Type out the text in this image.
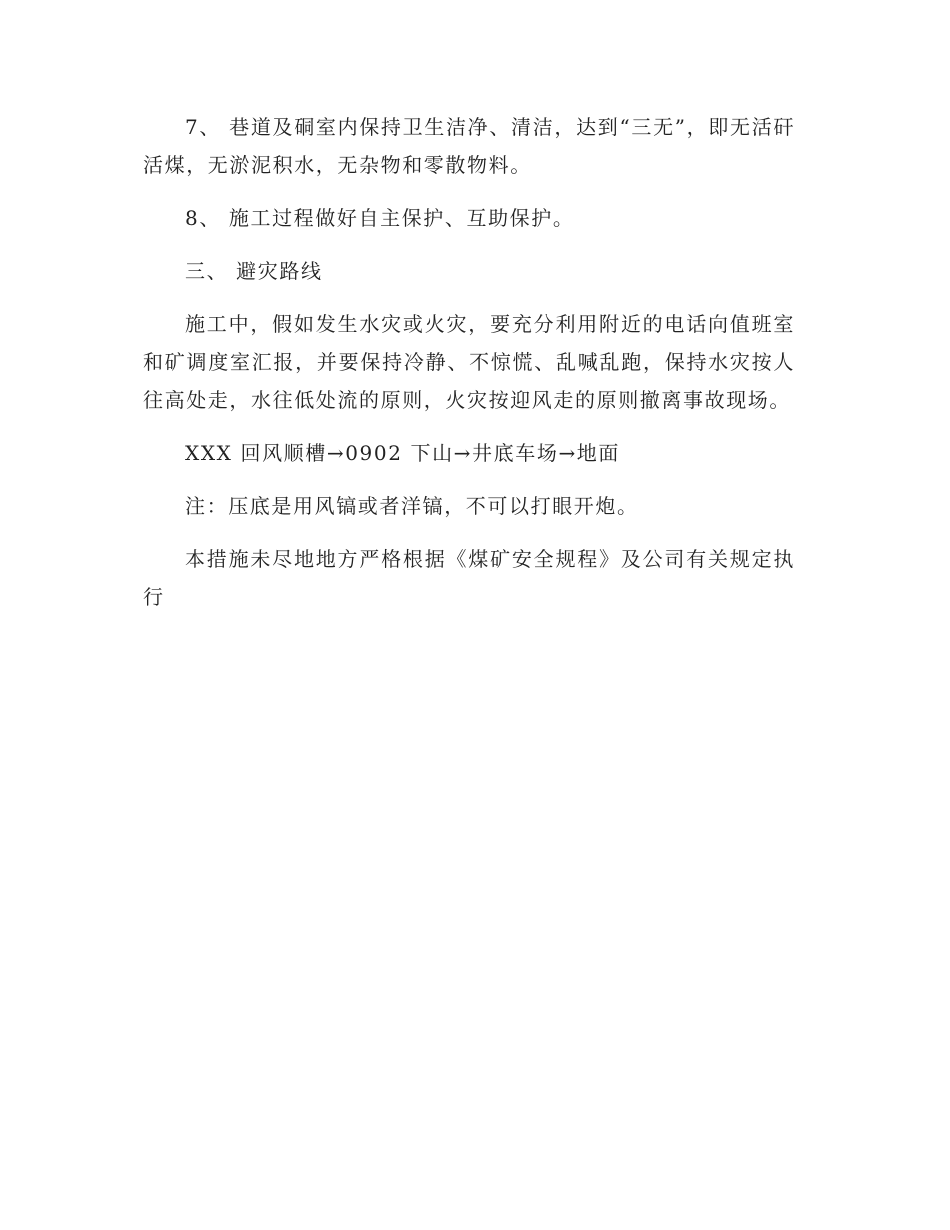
7、 巷道及硐室内保持卫生洁净、清洁，达到“三无”，即无活矸活煤，无淤泥积水，无杂物和零散物料。

8、 施工过程做好自主保护、互助保护。

三、 避灾路线

施工中，假如发生水灾或火灾，要充分利用附近的电话向值班室和矿调度室汇报，并要保持冷静、不惊慌、乱喊乱跑，保持水灾按人往高处走，水往低处流的原则，火灾按迎风走的原则撤离事故现场。

XXX 回风顺槽→0902 下山→井底车场→地面

注：压底是用风镐或者洋镐，不可以打眼开炮。

本措施未尽地地方严格根据《煤矿安全规程》及公司有关规定执行
